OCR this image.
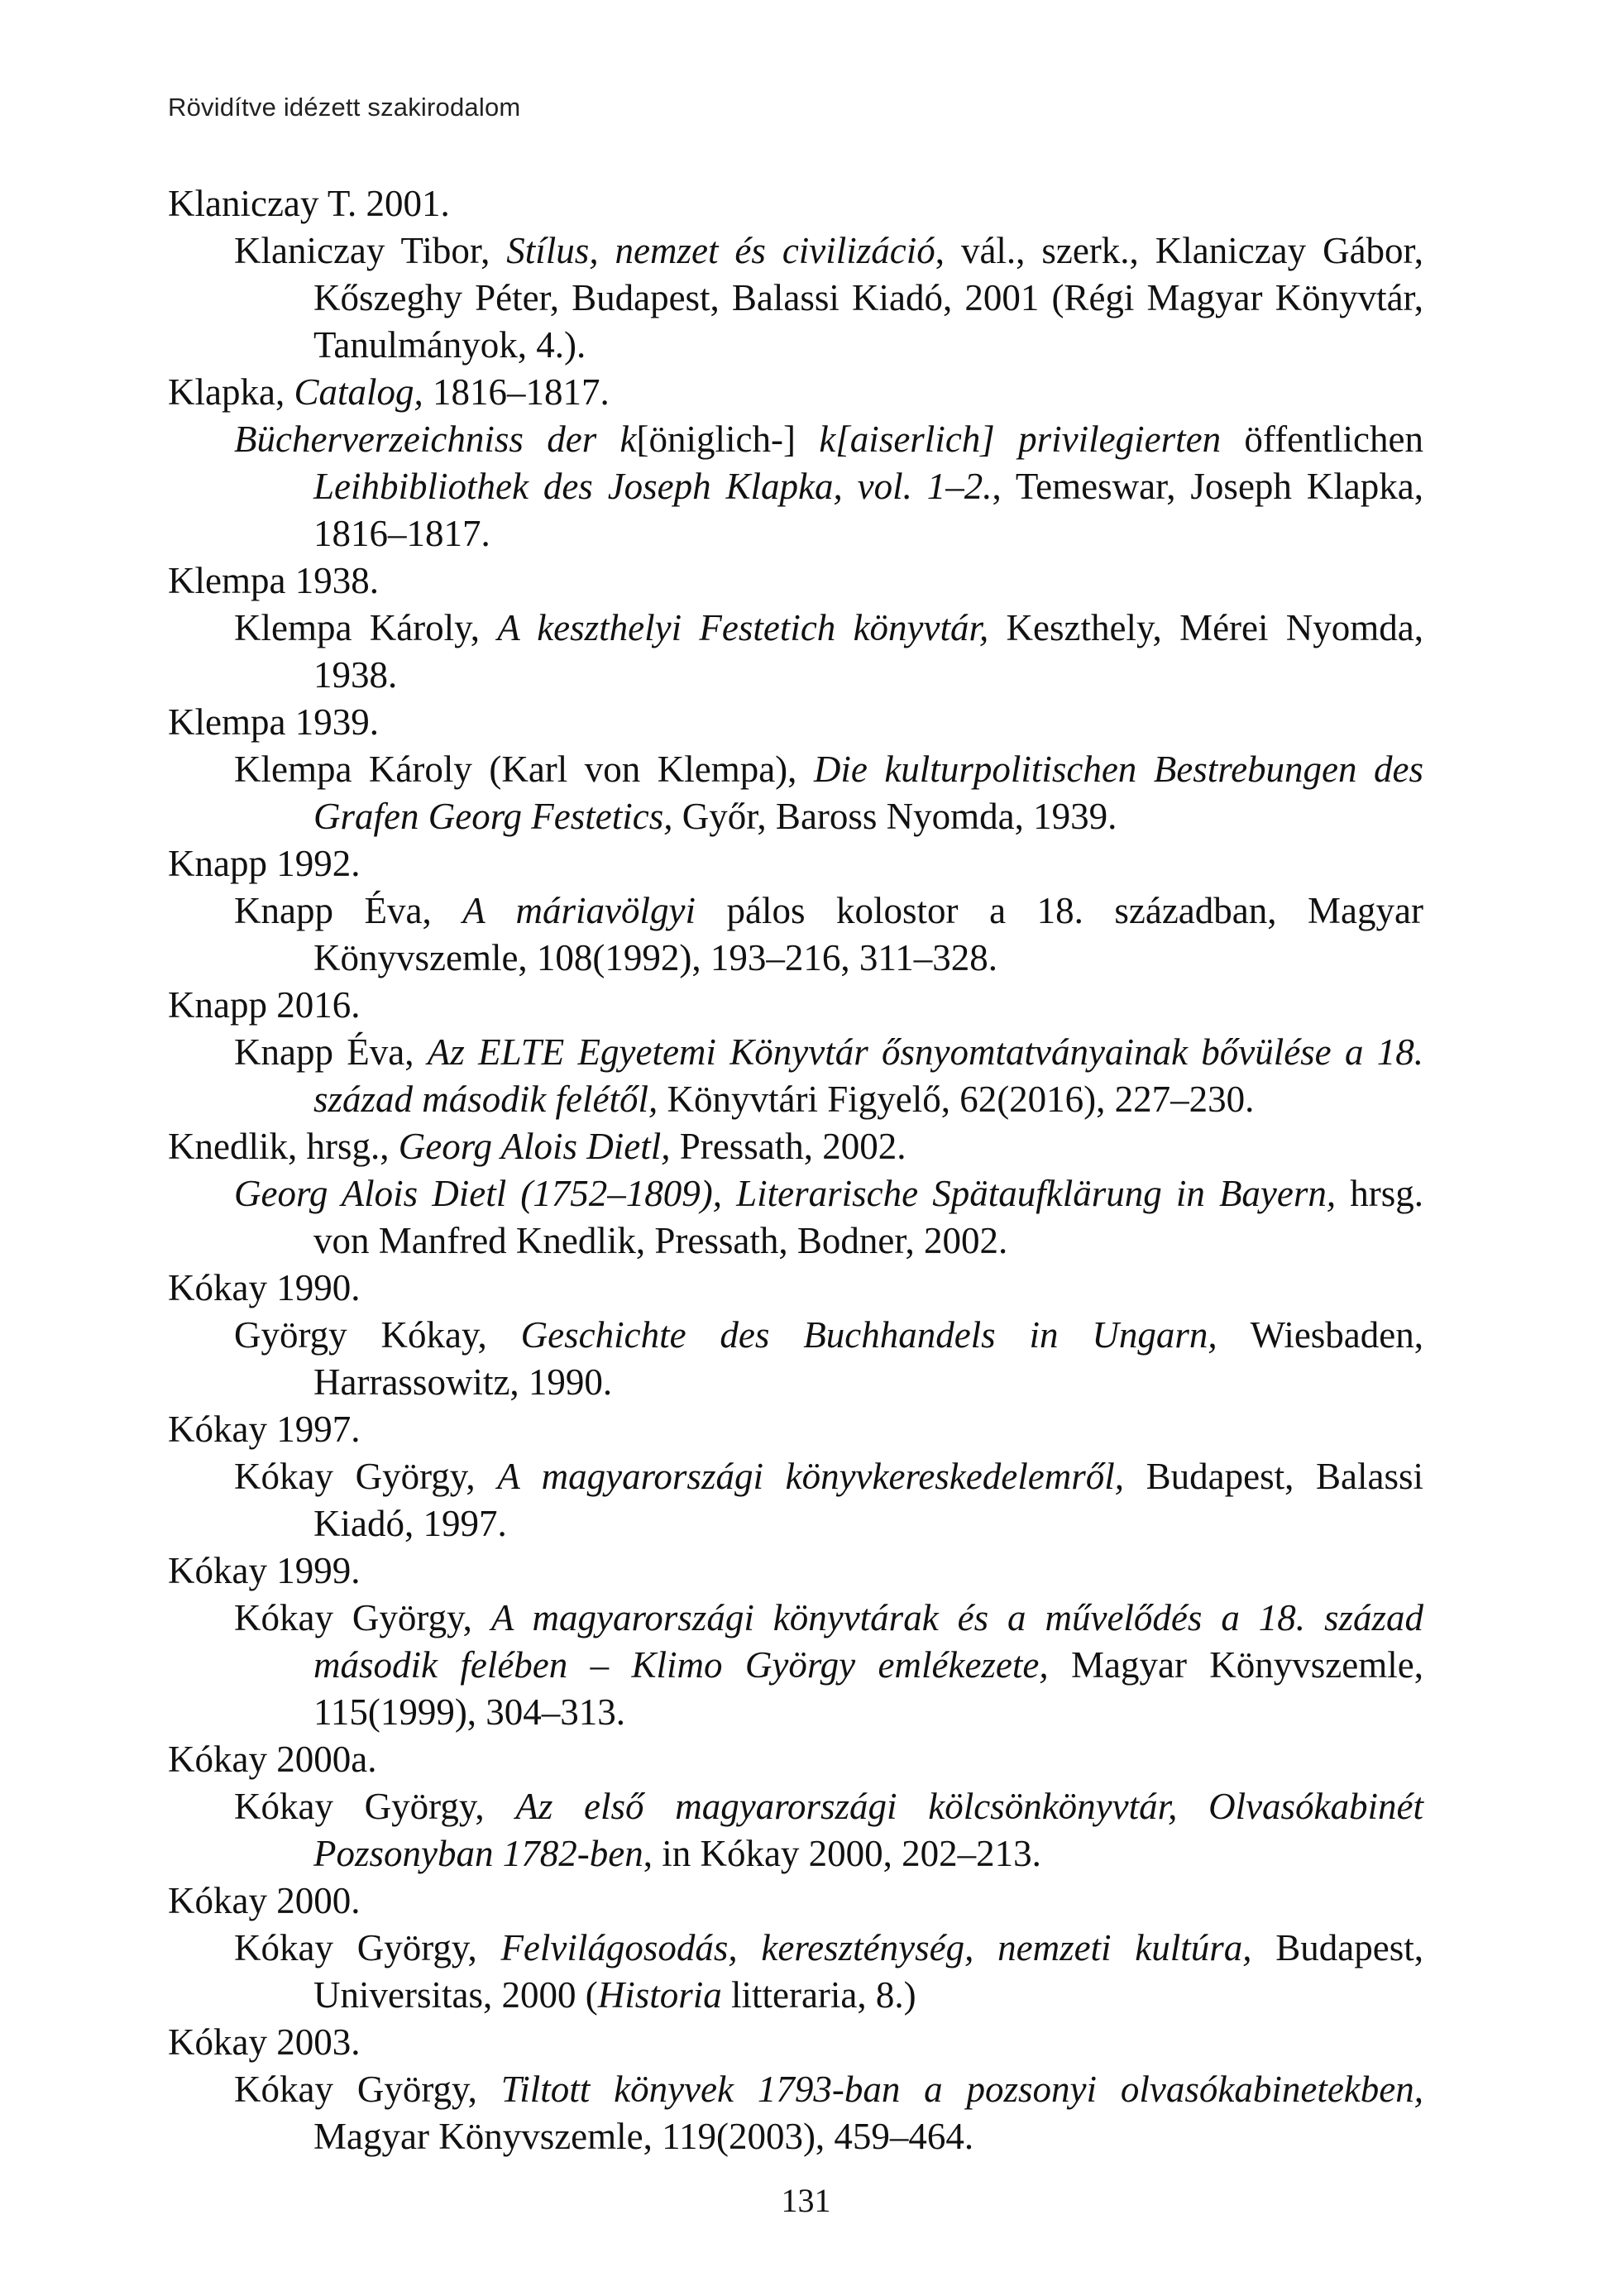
Rövidítve idézett szakirodalom

Klaniczay T. 2001.

Klaniczay Tibor, Stílus, nemzet és civilizáció, vál., szerk., Klaniczay Gábor, Kőszeghy Péter, Budapest, Balassi Kiadó, 2001 (Régi Magyar Könyvtár, Tanulmányok, 4.).

Klapka, Catalog, 1816–1817.

Bücherverzeichniss der k[öniglich-] k[aiserlich] privilegierten öffentlichen Leihbibliothek des Joseph Klapka, vol. 1–2., Temeswar, Joseph Klapka, 1816–1817.

Klempa 1938.

Klempa Károly, A keszthelyi Festetich könyvtár, Keszthely, Mérei Nyomda, 1938.

Klempa 1939.

Klempa Károly (Karl von Klempa), Die kulturpolitischen Bestrebungen des Grafen Georg Festetics, Győr, Baross Nyomda, 1939.

Knapp 1992.

Knapp Éva, A máriavölgyi pálos kolostor a 18. században, Magyar Könyvszemle, 108(1992), 193–216, 311–328.

Knapp 2016.

Knapp Éva, Az ELTE Egyetemi Könyvtár ősnyomtatványainak bővülése a 18. század második felétől, Könyvtári Figyelő, 62(2016), 227–230.

Knedlik, hrsg., Georg Alois Dietl, Pressath, 2002.

Georg Alois Dietl (1752–1809), Literarische Spätaufklärung in Bayern, hrsg. von Manfred Knedlik, Pressath, Bodner, 2002.

Kókay 1990.

György Kókay, Geschichte des Buchhandels in Ungarn, Wiesbaden, Harrassowitz, 1990.

Kókay 1997.

Kókay György, A magyarországi könyvkereskedelemről, Budapest, Balassi Kiadó, 1997.

Kókay 1999.

Kókay György, A magyarországi könyvtárak és a művelődés a 18. század második felében – Klimo György emlékezete, Magyar Könyvszemle, 115(1999), 304–313.

Kókay 2000a.

Kókay György, Az első magyarországi kölcsönkönyvtár, Olvasókabinét Pozsonyban 1782-ben, in Kókay 2000, 202–213.

Kókay 2000.

Kókay György, Felvilágosodás, kereszténység, nemzeti kultúra, Budapest, Universitas, 2000 (Historia litteraria, 8.)

Kókay 2003.

Kókay György, Tiltott könyvek 1793-ban a pozsonyi olvasókabinetekben, Magyar Könyvszemle, 119(2003), 459–464.

131
